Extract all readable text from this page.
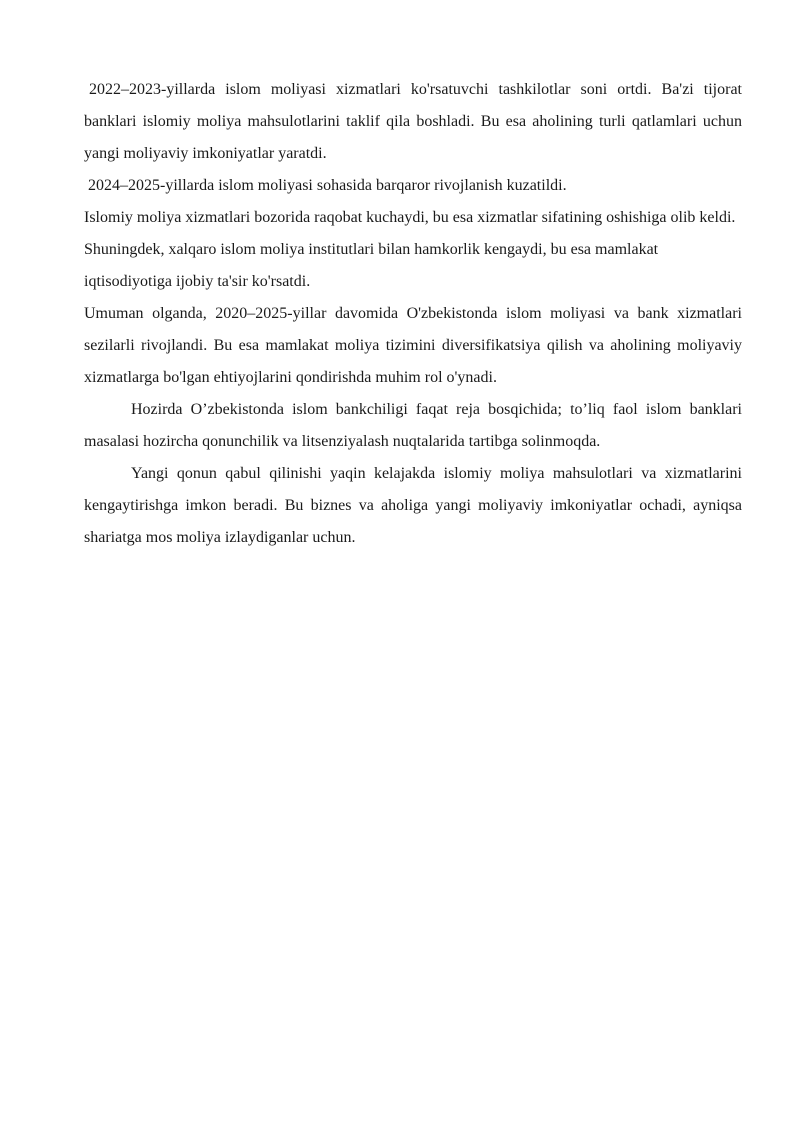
2022–2023-yillarda islom moliyasi xizmatlari ko'rsatuvchi tashkilotlar soni ortdi. Ba'zi tijorat banklari islomiy moliya mahsulotlarini taklif qila boshladi. Bu esa aholining turli qatlamlari uchun yangi moliyaviy imkoniyatlar yaratdi.

2024–2025-yillarda islom moliyasi sohasida barqaror rivojlanish kuzatildi.

Islomiy moliya xizmatlari bozorida raqobat kuchaydi, bu esa xizmatlar sifatining oshishiga olib keldi. Shuningdek, xalqaro islom moliya institutlari bilan hamkorlik kengaydi, bu esa mamlakat iqtisodiyotiga ijobiy ta'sir ko'rsatdi.

Umuman olganda, 2020–2025-yillar davomida O'zbekistonda islom moliyasi va bank xizmatlari sezilarli rivojlandi. Bu esa mamlakat moliya tizimini diversifikatsiya qilish va aholining moliyaviy xizmatlarga bo'lgan ehtiyojlarini qondirishda muhim rol o'ynadi.

Hozirda O’zbekistonda islom bankchiligi faqat reja bosqichida; to’liq faol islom banklari masalasi hozircha qonunchilik va litsenziyalash nuqtalarida tartibga solinmoqda.

Yangi qonun qabul qilinishi yaqin kelajakda islomiy moliya mahsulotlari va xizmatlarini kengaytirishga imkon beradi. Bu biznes va aholiga yangi moliyaviy imkoniyatlar ochadi, ayniqsa shariatga mos moliya izlaydiganlar uchun.
